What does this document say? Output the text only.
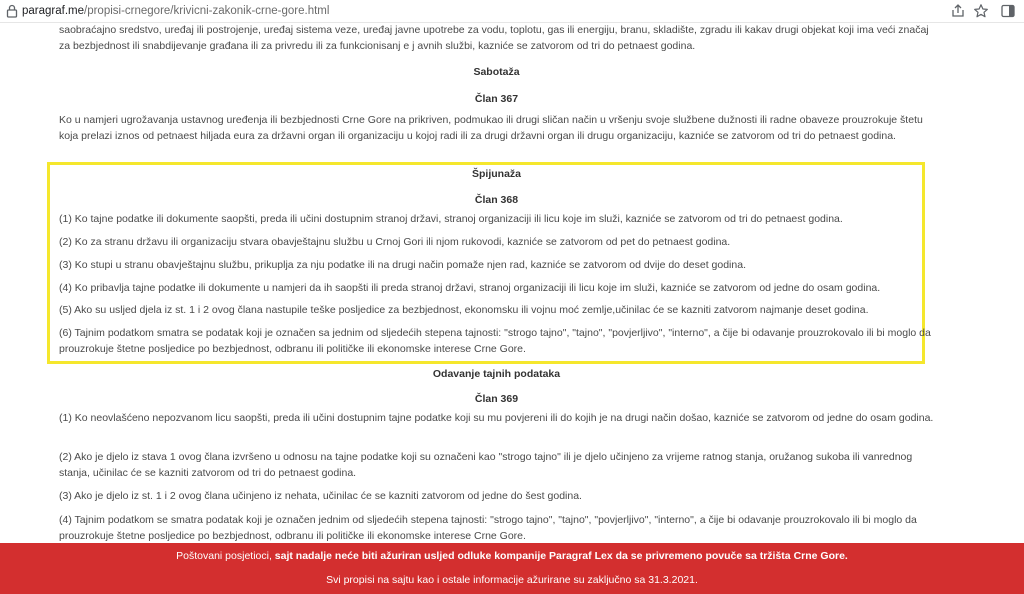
paragraf.me/propisi-crnegore/krivicni-zakonik-crne-gore.html

saobraćajno sredstvo, uređaj ili postrojenje, uređaj sistema veze, uređaj javne upotrebe za vodu, toplotu, gas ili energiju, branu, skladište, zgradu ili kakav drugi objekat koji ima veći značaj za bezbjednost ili snabdijevanje građana ili za privredu ili za funkcionisanj e j avnih službi, kazniće se zatvorom od tri do petnaest godina.

Sabotaža
Član 367

Ko u namjeri ugrožavanja ustavnog uređenja ili bezbjednosti Crne Gore na prikriven, podmukao ili drugi sličan način u vršenju svoje službene dužnosti ili radne obaveze prouzrokuje štetu koja prelazi iznos od petnaest hiljada eura za državni organ ili organizaciju u kojoj radi ili za drugi državni organ ili drugu organizaciju, kazniće se zatvorom od tri do petnaest godina.

Špijunaža
Član 368

(1) Ko tajne podatke ili dokumente saopšti, preda ili učini dostupnim stranoj državi, stranoj organizaciji ili licu koje im služi, kazniće se zatvorom od tri do petnaest godina.

(2) Ko za stranu državu ili organizaciju stvara obavještajnu službu u Crnoj Gori ili njom rukovodi, kazniće se zatvorom od pet do petnaest godina.

(3) Ko stupi u stranu obavještajnu službu, prikuplja za nju podatke ili na drugi način pomaže njen rad, kazniće se zatvorom od dvije do deset godina.

(4) Ko pribavlja tajne podatke ili dokumente u namjeri da ih saopšti ili preda stranoj državi, stranoj organizaciji ili licu koje im služi, kazniće se zatvorom od jedne do osam godina.

(5) Ako su usljed djela iz st. 1 i 2 ovog člana nastupile teške posljedice za bezbjednost, ekonomsku ili vojnu moć zemlje,učinilac će se kazniti zatvorom najmanje deset godina.

(6) Tajnim podatkom smatra se podatak koji je označen sa jednim od sljedećih stepena tajnosti: "strogo tajno", "tajno", "povjerljivo", "interno", a čije bi odavanje prouzrokovalo ili bi moglo da prouzrokuje štetne posljedice po bezbjednost, odbranu ili političke ili ekonomske interese Crne Gore.

Odavanje tajnih podataka
Član 369

(1) Ko neovlašćeno nepozvanom licu saopšti, preda ili učini dostupnim tajne podatke koji su mu povjereni ili do kojih je na drugi način došao, kazniće se zatvorom od jedne do osam godina.

(2) Ako je djelo iz stava 1 ovog člana izvršeno u odnosu na tajne podatke koji su označeni kao "strogo tajno" ili je djelo učinjeno za vrijeme ratnog stanja, oružanog sukoba ili vanrednog stanja, učinilac će se kazniti zatvorom od tri do petnaest godina.

(3) Ako je djelo iz st. 1 i 2 ovog člana učinjeno iz nehata, učinilac će se kazniti zatvorom od jedne do šest godina.

(4) Tajnim podatkom se smatra podatak koji je označen jednim od sljedećih stepena tajnosti: "strogo tajno", "tajno", "povjerljivo", "interno", a čije bi odavanje prouzrokovalo ili bi moglo da prouzrokuje štetne posljedice po bezbjednost, odbranu ili političke ili ekonomske interese Crne Gore.

Poštovani posjetioci, sajt nadalje neće biti ažuriran usljed odluke kompanije Paragraf Lex da se privremeno povuče sa tržišta Crne Gore.
Svi propisi na sajtu kao i ostale informacije ažurirane su zaključno sa 31.3.2021.
